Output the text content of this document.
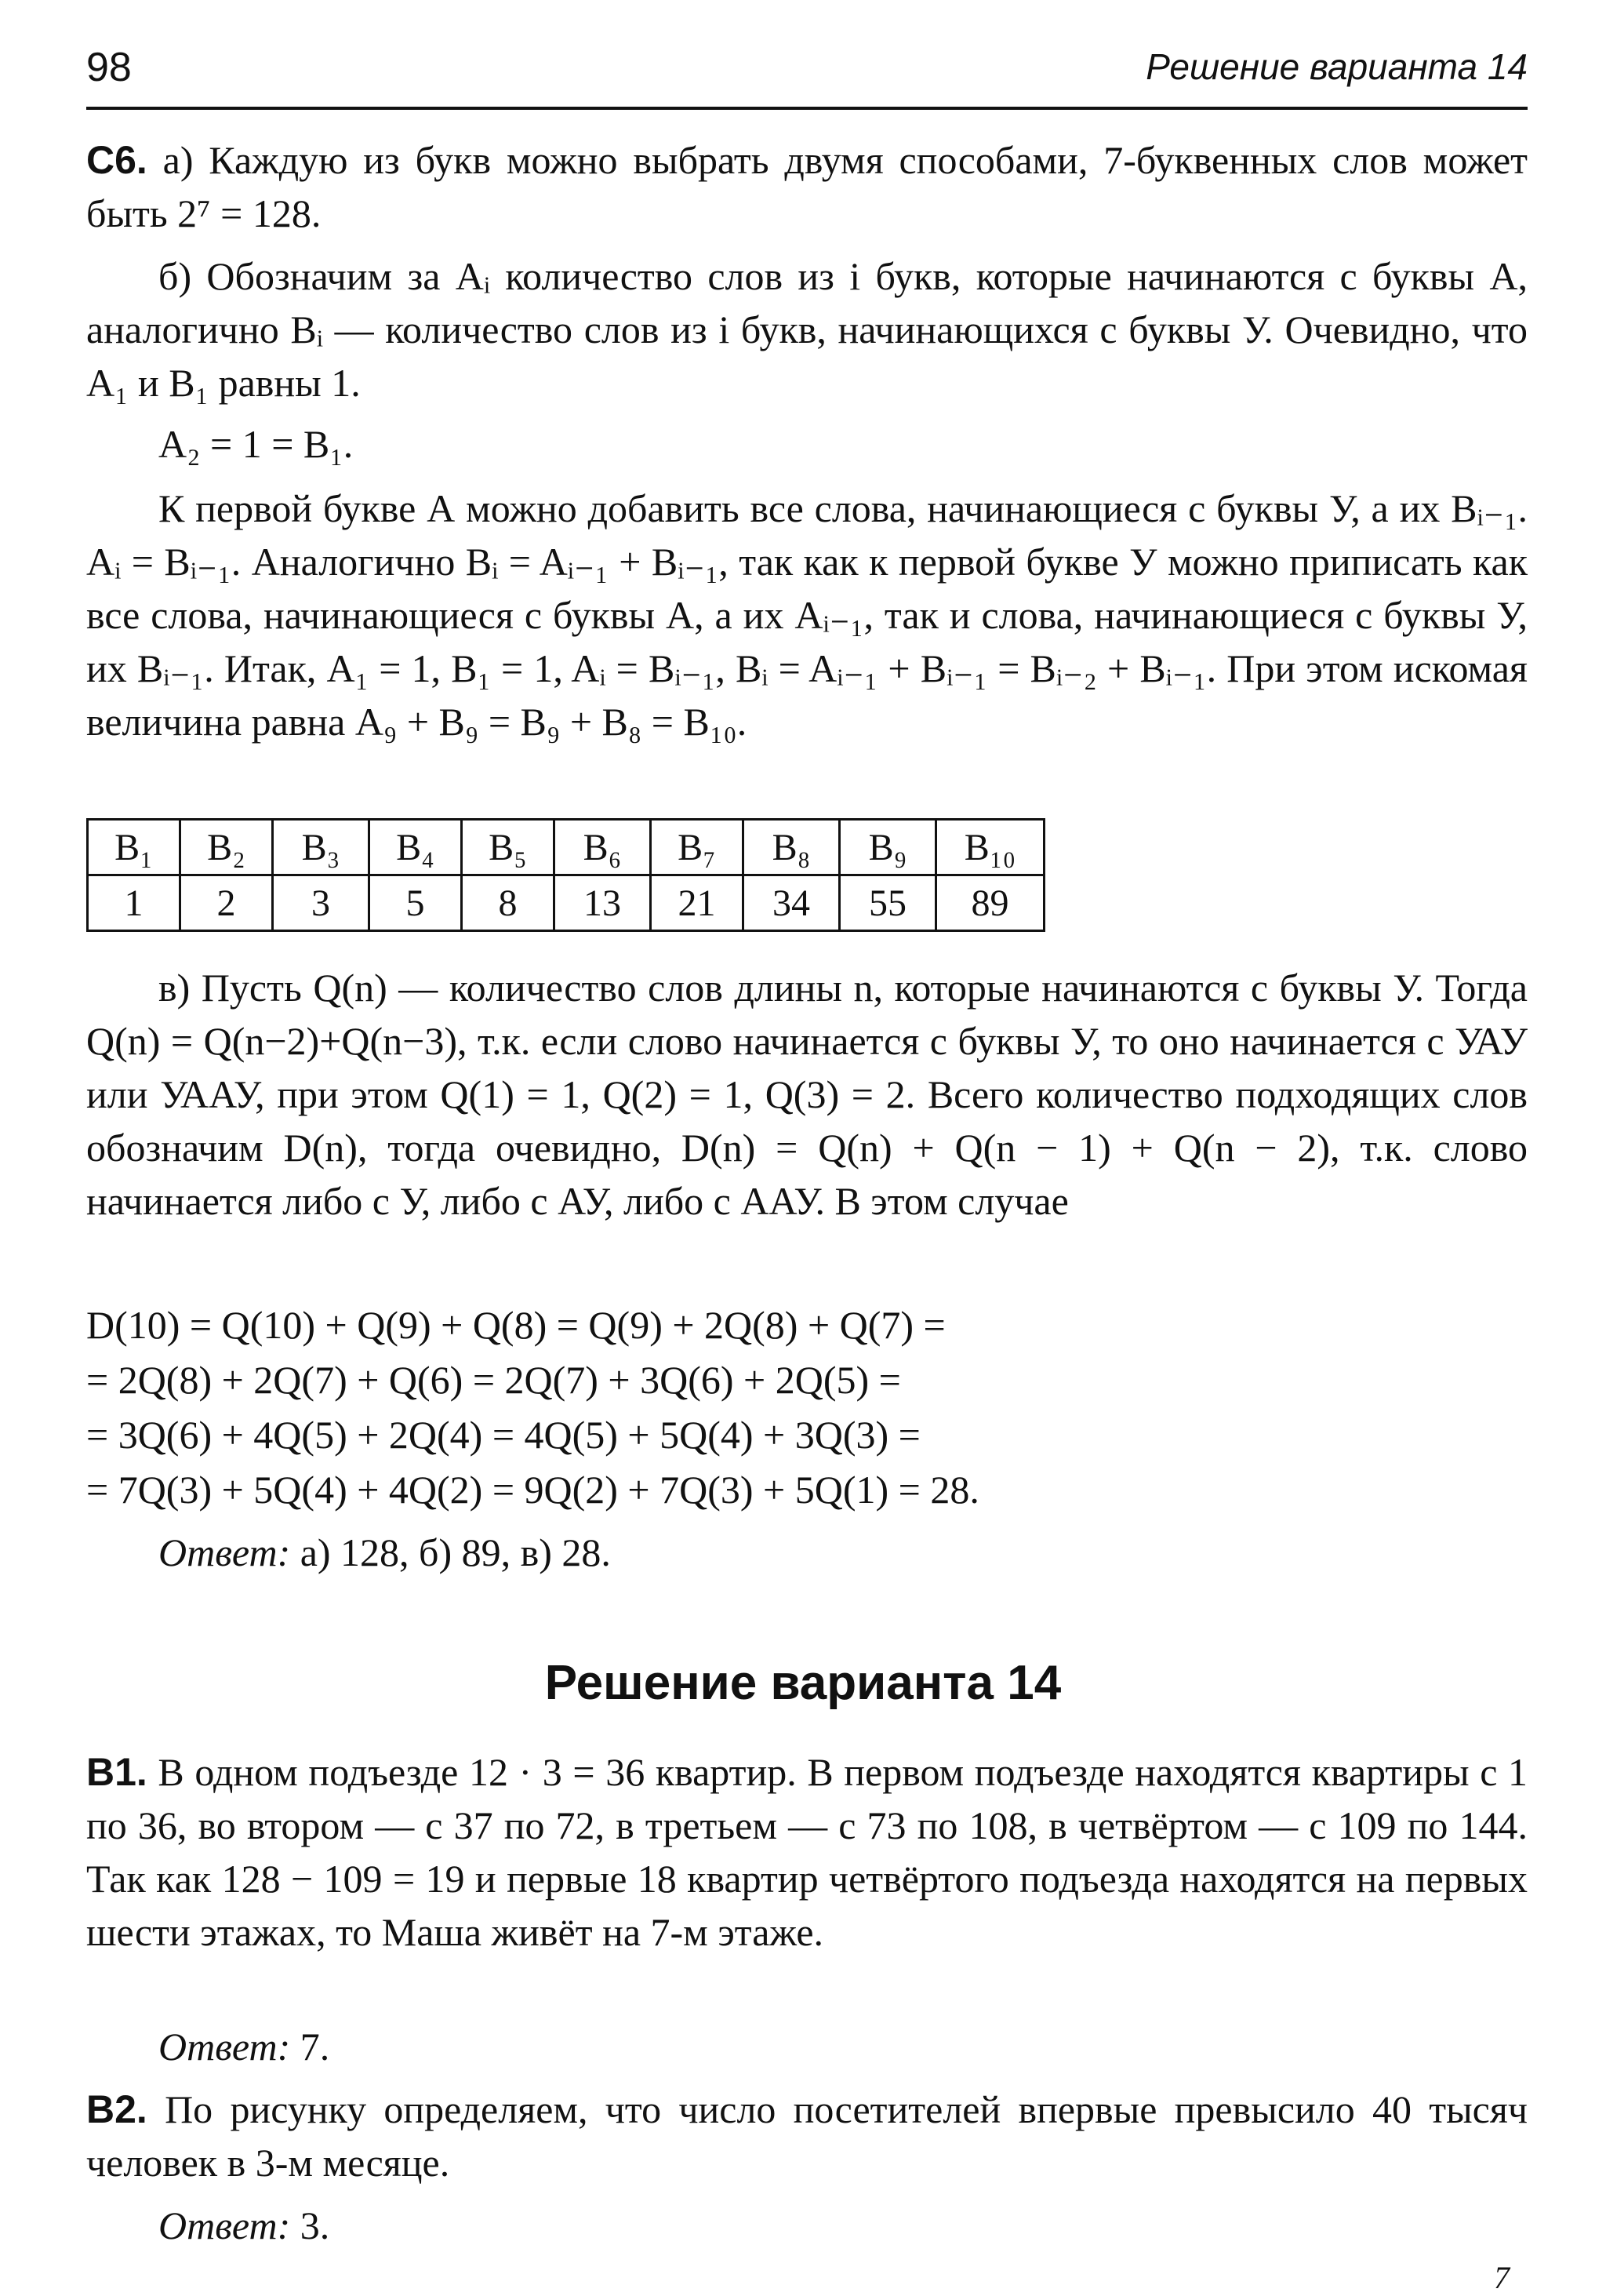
98	Решение варианта 14

С6. а) Каждую из букв можно выбрать двумя способами, 7-буквенных слов может быть 2⁷ = 128.

б) Обозначим за Aᵢ количество слов из i букв, которые начинаются с буквы А, аналогично Bᵢ — количество слов из i букв, начинающихся с буквы У. Очевидно, что A₁ и B₁ равны 1.

A₂ = 1 = B₁.

К первой букве А можно добавить все слова, начинающиеся с буквы У, а их Bᵢ₋₁. Aᵢ = Bᵢ₋₁. Аналогично Bᵢ = Aᵢ₋₁ + Bᵢ₋₁, так как к первой букве У можно приписать как все слова, начинающиеся с буквы А, а их Aᵢ₋₁, так и слова, начинающиеся с буквы У, их Bᵢ₋₁. Итак, A₁ = 1, B₁ = 1, Aᵢ = Bᵢ₋₁, Bᵢ = Aᵢ₋₁ + Bᵢ₋₁ = Bᵢ₋₂ + Bᵢ₋₁. При этом искомая величина равна A₉ + B₉ = B₉ + B₈ = B₁₀.

B₁	B₂	B₃	B₄	B₅	B₆	B₇	B₈	B₉	B₁₀
1	2	3	5	8	13	21	34	55	89

в) Пусть Q(n) — количество слов длины n, которые начинаются с буквы У. Тогда Q(n) = Q(n−2)+Q(n−3), т.к. если слово начинается с буквы У, то оно начинается с УАУ или УААУ, при этом Q(1) = 1, Q(2) = 1, Q(3) = 2. Всего количество подходящих слов обозначим D(n), тогда очевидно, D(n) = Q(n) + Q(n − 1) + Q(n − 2), т.к. слово начинается либо с У, либо с АУ, либо с ААУ. В этом случае

D(10) = Q(10) + Q(9) + Q(8) = Q(9) + 2Q(8) + Q(7) =
= 2Q(8) + 2Q(7) + Q(6) = 2Q(7) + 3Q(6) + 2Q(5) =
= 3Q(6) + 4Q(5) + 2Q(4) = 4Q(5) + 5Q(4) + 3Q(3) =
= 7Q(3) + 5Q(4) + 4Q(2) = 9Q(2) + 7Q(3) + 5Q(1) = 28.

Ответ: а) 128, б) 89, в) 28.

Решение варианта 14

В1. В одном подъезде 12 · 3 = 36 квартир. В первом подъезде находятся квартиры с 1 по 36, во втором — с 37 по 72, в третьем — с 73 по 108, в четвёртом — с 109 по 144. Так как 128 − 109 = 19 и первые 18 квартир четвёртого подъезда находятся на первых шести этажах, то Маша живёт на 7-м этаже.

Ответ: 7.

В2. По рисунку определяем, что число посетителей впервые превысило 40 тысяч человек в 3-м месяце.

Ответ: 3.

7
